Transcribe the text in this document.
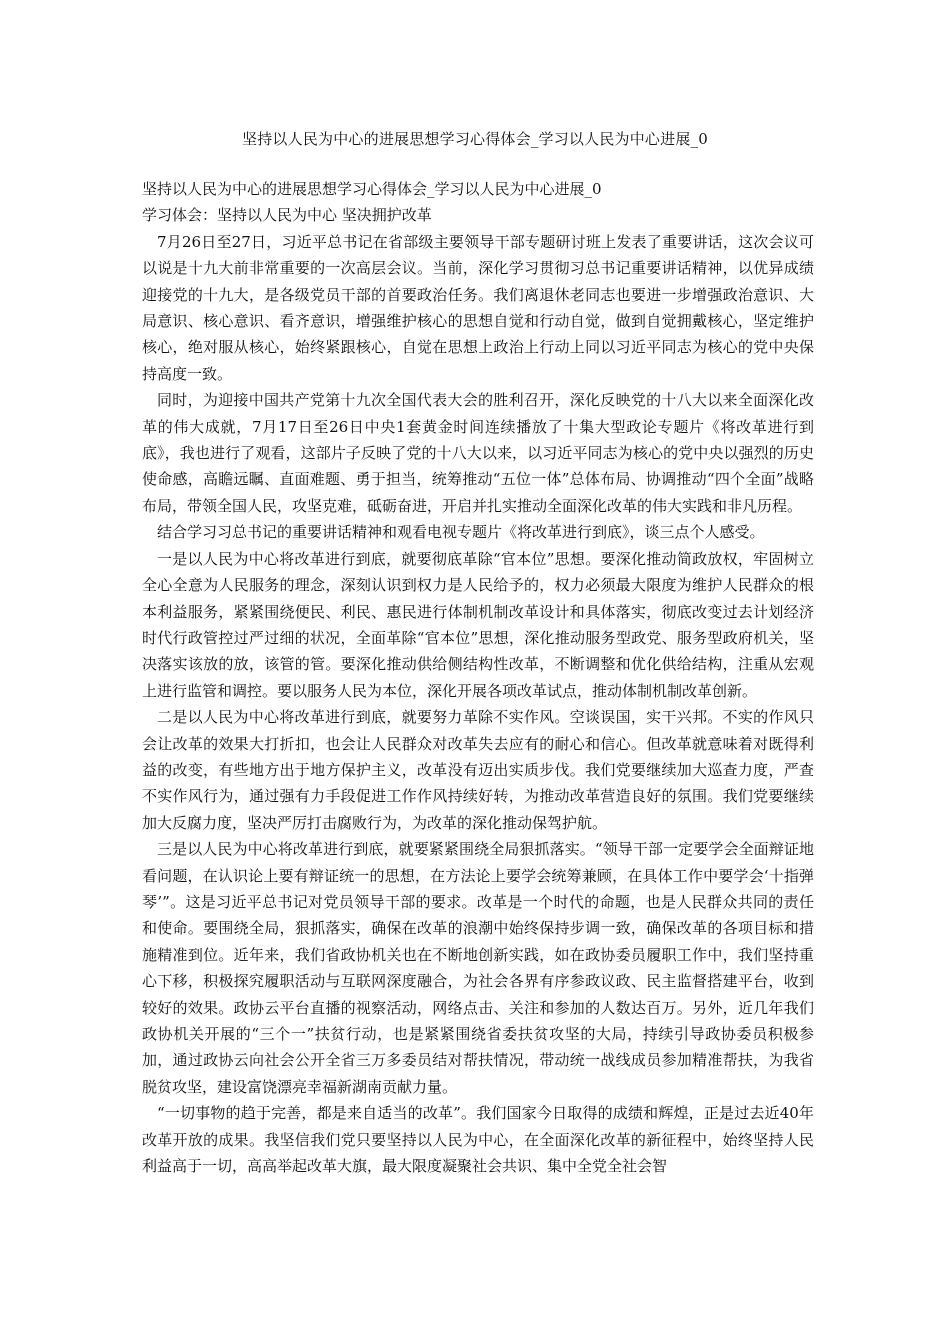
坚持以人民为中心的进展思想学习心得体会_学习以人民为中心进展_0

坚持以人民为中心的进展思想学习心得体会_学习以人民为中心进展_0

学习体会：坚持以人民为中心 坚决拥护改革

7月26日至27日，习近平总书记在省部级主要领导干部专题研讨班上发表了重要讲话，这次会议可以说是十九大前非常重要的一次高层会议。当前，深化学习贯彻习总书记重要讲话精神，以优异成绩迎接党的十九大，是各级党员干部的首要政治任务。我们离退休老同志也要进一步增强政治意识、大局意识、核心意识、看齐意识，增强维护核心的思想自觉和行动自觉，做到自觉拥戴核心，坚定维护核心，绝对服从核心，始终紧跟核心，自觉在思想上政治上行动上同以习近平同志为核心的党中央保持高度一致。

同时，为迎接中国共产党第十九次全国代表大会的胜利召开，深化反映党的十八大以来全面深化改革的伟大成就，7月17日至26日中央1套黄金时间连续播放了十集大型政论专题片《将改革进行到底》，我也进行了观看，这部片子反映了党的十八大以来，以习近平同志为核心的党中央以强烈的历史使命感，高瞻远瞩、直面难题、勇于担当，统筹推动“五位一体”总体布局、协调推动“四个全面”战略布局，带领全国人民，攻坚克难，砥砺奋进，开启并扎实推动全面深化改革的伟大实践和非凡历程。

结合学习习总书记的重要讲话精神和观看电视专题片《将改革进行到底》，谈三点个人感受。

一是以人民为中心将改革进行到底，就要彻底革除“官本位”思想。要深化推动简政放权，牢固树立全心全意为人民服务的理念，深刻认识到权力是人民给予的，权力必须最大限度为维护人民群众的根本利益服务，紧紧围绕便民、利民、惠民进行体制机制改革设计和具体落实，彻底改变过去计划经济时代行政管控过严过细的状况，全面革除“官本位”思想，深化推动服务型政党、服务型政府机关，坚决落实该放的放，该管的管。要深化推动供给侧结构性改革，不断调整和优化供给结构，注重从宏观上进行监管和调控。要以服务人民为本位，深化开展各项改革试点，推动体制机制改革创新。

二是以人民为中心将改革进行到底，就要努力革除不实作风。空谈误国，实干兴邦。不实的作风只会让改革的效果大打折扣，也会让人民群众对改革失去应有的耐心和信心。但改革就意味着对既得利益的改变，有些地方出于地方保护主义，改革没有迈出实质步伐。我们党要继续加大巡查力度，严查不实作风行为，通过强有力手段促进工作作风持续好转，为推动改革营造良好的氛围。我们党要继续加大反腐力度，坚决严厉打击腐败行为，为改革的深化推动保驾护航。

三是以人民为中心将改革进行到底，就要紧紧围绕全局狠抓落实。“领导干部一定要学会全面辩证地看问题，在认识论上要有辩证统一的思想，在方法论上要学会统筹兼顾，在具体工作中要学会‘十指弹琴’”。这是习近平总书记对党员领导干部的要求。改革是一个时代的命题，也是人民群众共同的责任和使命。要围绕全局，狠抓落实，确保在改革的浪潮中始终保持步调一致，确保改革的各项目标和措施精准到位。近年来，我们省政协机关也在不断地创新实践，如在政协委员履职工作中，我们坚持重心下移，积极探究履职活动与互联网深度融合，为社会各界有序参政议政、民主监督搭建平台，收到较好的效果。政协云平台直播的视察活动，网络点击、关注和参加的人数达百万。另外，近几年我们政协机关开展的“三个一”扶贫行动，也是紧紧围绕省委扶贫攻坚的大局，持续引导政协委员积极参加，通过政协云向社会公开全省三万多委员结对帮扶情况，带动统一战线成员参加精准帮扶，为我省脱贫攻坚，建设富饶漂亮幸福新湖南贡献力量。

“一切事物的趋于完善，都是来自适当的改革”。我们国家今日取得的成绩和辉煌，正是过去近40年改革开放的成果。我坚信我们党只要坚持以人民为中心，在全面深化改革的新征程中，始终坚持人民利益高于一切，高高举起改革大旗，最大限度凝聚社会共识、集中全党全社会智
